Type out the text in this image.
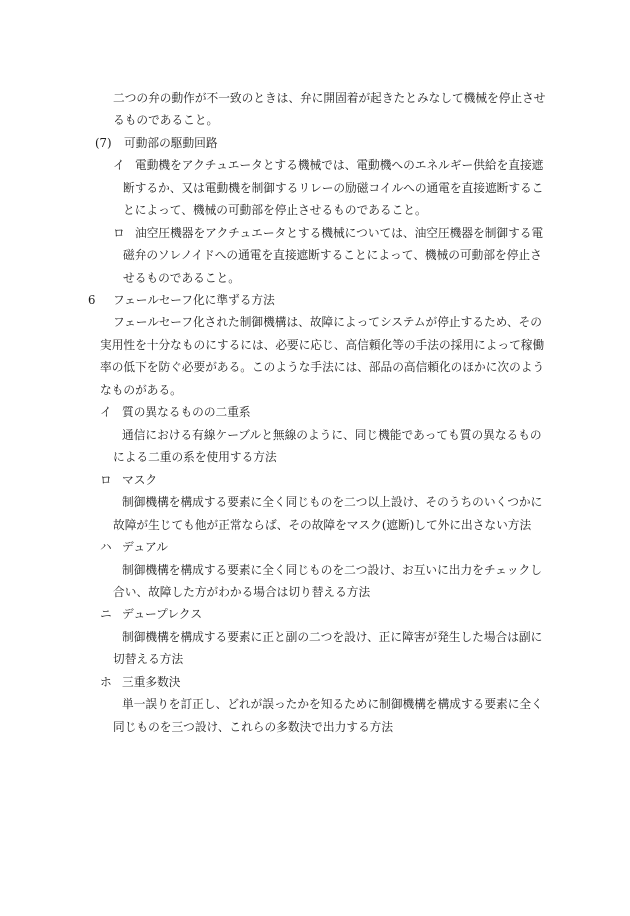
二つの弁の動作が不一致のときは、弁に開固着が起きたとみなして機械を停止させ
るものであること。
(7) 可動部の駆動回路
イ 電動機をアクチュエータとする機械では、電動機へのエネルギー供給を直接遮
断するか、又は電動機を制御するリレーの励磁コイルへの通電を直接遮断するこ
とによって、機械の可動部を停止させるものであること。
ロ 油空圧機器をアクチュエータとする機械については、油空圧機器を制御する電
磁弁のソレノイドへの通電を直接遮断することによって、機械の可動部を停止さ
せるものであること。
6 フェールセーフ化に準ずる方法
フェールセーフ化された制御機構は、故障によってシステムが停止するため、その
実用性を十分なものにするには、必要に応じ、高信頼化等の手法の採用によって稼働
率の低下を防ぐ必要がある。このような手法には、部品の高信頼化のほかに次のよう
なものがある。
イ 質の異なるものの二重系
通信における有線ケーブルと無線のように、同じ機能であっても質の異なるもの
による二重の系を使用する方法
ロ マスク
制御機構を構成する要素に全く同じものを二つ以上設け、そのうちのいくつかに
故障が生じても他が正常ならば、その故障をマスク(遮断)して外に出さない方法
ハ デュアル
制御機構を構成する要素に全く同じものを二つ設け、お互いに出力をチェックし
合い、故障した方がわかる場合は切り替える方法
ニ デュープレクス
制御機構を構成する要素に正と副の二つを設け、正に障害が発生した場合は副に
切替える方法
ホ 三重多数決
単一誤りを訂正し、どれが誤ったかを知るために制御機構を構成する要素に全く
同じものを三つ設け、これらの多数決で出力する方法
